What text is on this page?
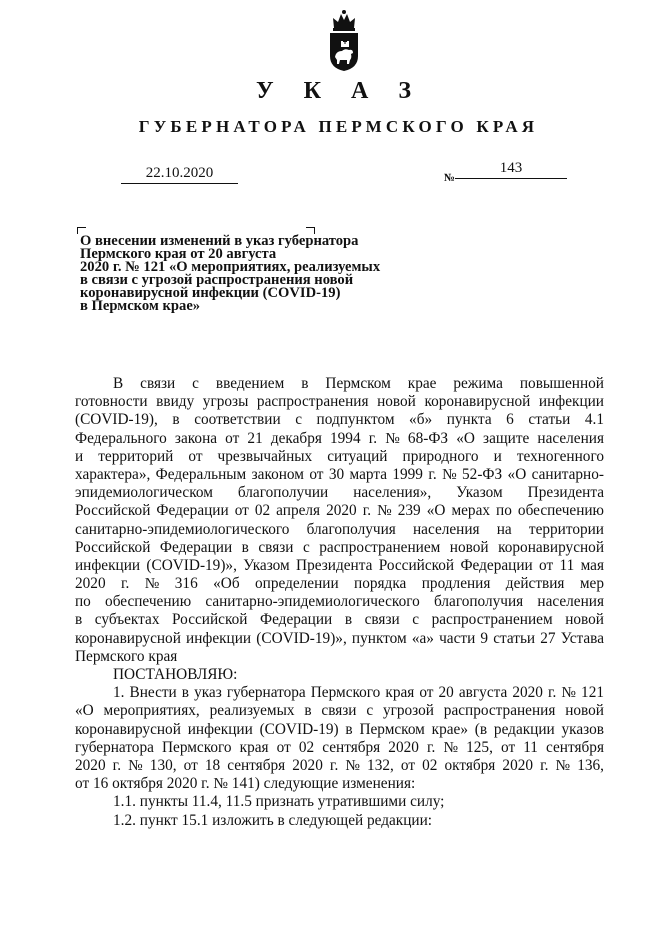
У К А З
ГУБЕРНАТОРА ПЕРМСКОГО КРАЯ
22.10.2020	№
143
О внесении изменений в указ губернатора
Пермского края от 20 августа
2020 г. № 121 «О мероприятиях, реализуемых
в связи с угрозой распространения новой
коронавирусной инфекции (COVID-19)
в Пермском крае»
В связи с введением в Пермском крае режима повышенной
готовности ввиду угрозы распространения новой коронавирусной инфекции
(COVID-19), в соответствии с подпунктом «б» пункта 6 статьи 4.1
Федерального закона от 21 декабря 1994 г. № 68-ФЗ «О защите населения
и территорий от чрезвычайных ситуаций природного и техногенного
характера», Федеральным законом от 30 марта 1999 г. № 52-ФЗ «О санитарно-
эпидемиологическом благополучии населения», Указом Президента
Российской Федерации от 02 апреля 2020 г. № 239 «О мерах по обеспечению
санитарно-эпидемиологического благополучия населения на территории
Российской Федерации в связи с распространением новой коронавирусной
инфекции (COVID-19)», Указом Президента Российской Федерации от 11 мая
2020 г. № 316 «Об определении порядка продления действия мер
по обеспечению санитарно-эпидемиологического благополучия населения
в субъектах Российской Федерации в связи с распространением новой
коронавирусной инфекции (COVID-19)», пунктом «а» части 9 статьи 27 Устава
Пермского края
ПОСТАНОВЛЯЮ:
1. Внести в указ губернатора Пермского края от 20 августа 2020 г. № 121
«О мероприятиях, реализуемых в связи с угрозой распространения новой
коронавирусной инфекции (COVID-19) в Пермском крае» (в редакции указов
губернатора Пермского края от 02 сентября 2020 г. № 125, от 11 сентября
2020 г. № 130, от 18 сентября 2020 г. № 132, от 02 октября 2020 г. № 136,
от 16 октября 2020 г. № 141) следующие изменения:
1.1. пункты 11.4, 11.5 признать утратившими силу;
1.2. пункт 15.1 изложить в следующей редакции:
